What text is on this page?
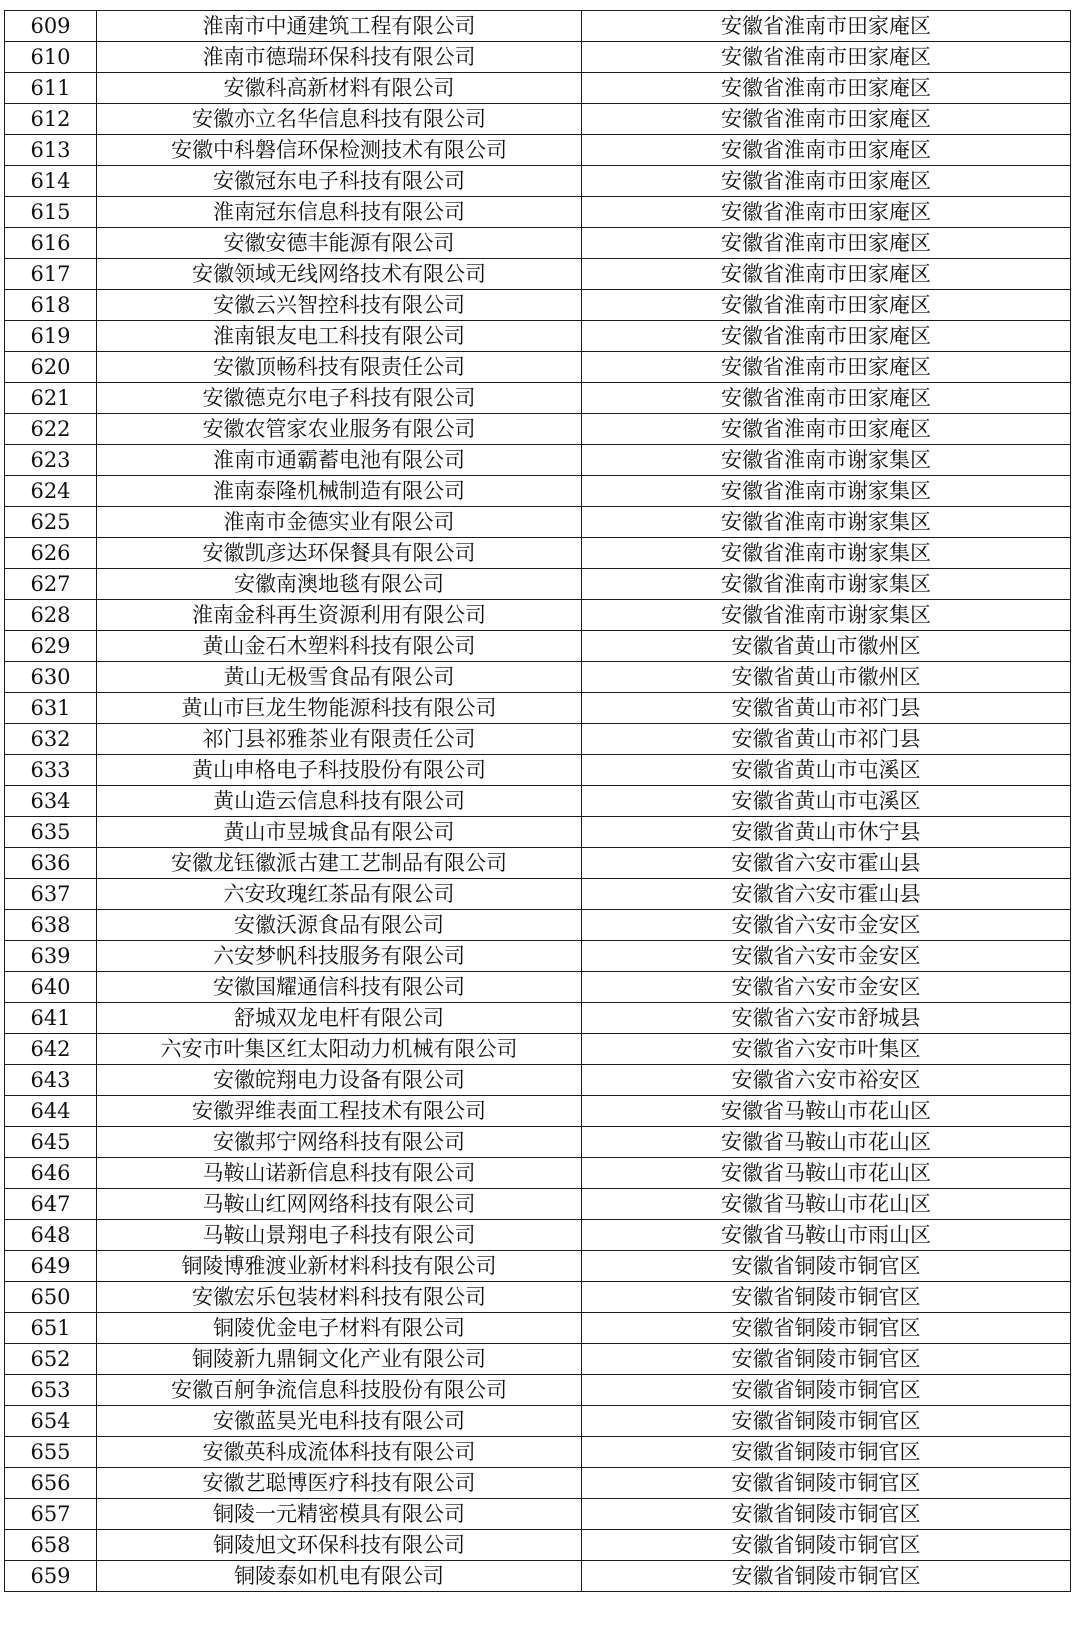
609	淮南市中通建筑工程有限公司	安徽省淮南市田家庵区
610	淮南市德瑞环保科技有限公司	安徽省淮南市田家庵区
611	安徽科高新材料有限公司	安徽省淮南市田家庵区
612	安徽亦立名华信息科技有限公司	安徽省淮南市田家庵区
613	安徽中科磐信环保检测技术有限公司	安徽省淮南市田家庵区
614	安徽冠东电子科技有限公司	安徽省淮南市田家庵区
615	淮南冠东信息科技有限公司	安徽省淮南市田家庵区
616	安徽安德丰能源有限公司	安徽省淮南市田家庵区
617	安徽领域无线网络技术有限公司	安徽省淮南市田家庵区
618	安徽云兴智控科技有限公司	安徽省淮南市田家庵区
619	淮南银友电工科技有限公司	安徽省淮南市田家庵区
620	安徽顶畅科技有限责任公司	安徽省淮南市田家庵区
621	安徽德克尔电子科技有限公司	安徽省淮南市田家庵区
622	安徽农管家农业服务有限公司	安徽省淮南市田家庵区
623	淮南市通霸蓄电池有限公司	安徽省淮南市谢家集区
624	淮南泰隆机械制造有限公司	安徽省淮南市谢家集区
625	淮南市金德实业有限公司	安徽省淮南市谢家集区
626	安徽凯彦达环保餐具有限公司	安徽省淮南市谢家集区
627	安徽南澳地毯有限公司	安徽省淮南市谢家集区
628	淮南金科再生资源利用有限公司	安徽省淮南市谢家集区
629	黄山金石木塑料科技有限公司	安徽省黄山市徽州区
630	黄山无极雪食品有限公司	安徽省黄山市徽州区
631	黄山市巨龙生物能源科技有限公司	安徽省黄山市祁门县
632	祁门县祁雅茶业有限责任公司	安徽省黄山市祁门县
633	黄山申格电子科技股份有限公司	安徽省黄山市屯溪区
634	黄山造云信息科技有限公司	安徽省黄山市屯溪区
635	黄山市昱城食品有限公司	安徽省黄山市休宁县
636	安徽龙钰徽派古建工艺制品有限公司	安徽省六安市霍山县
637	六安玫瑰红茶品有限公司	安徽省六安市霍山县
638	安徽沃源食品有限公司	安徽省六安市金安区
639	六安梦帆科技服务有限公司	安徽省六安市金安区
640	安徽国耀通信科技有限公司	安徽省六安市金安区
641	舒城双龙电杆有限公司	安徽省六安市舒城县
642	六安市叶集区红太阳动力机械有限公司	安徽省六安市叶集区
643	安徽皖翔电力设备有限公司	安徽省六安市裕安区
644	安徽羿维表面工程技术有限公司	安徽省马鞍山市花山区
645	安徽邦宁网络科技有限公司	安徽省马鞍山市花山区
646	马鞍山诺新信息科技有限公司	安徽省马鞍山市花山区
647	马鞍山红网网络科技有限公司	安徽省马鞍山市花山区
648	马鞍山景翔电子科技有限公司	安徽省马鞍山市雨山区
649	铜陵博雅渡业新材料科技有限公司	安徽省铜陵市铜官区
650	安徽宏乐包装材料科技有限公司	安徽省铜陵市铜官区
651	铜陵优金电子材料有限公司	安徽省铜陵市铜官区
652	铜陵新九鼎铜文化产业有限公司	安徽省铜陵市铜官区
653	安徽百舸争流信息科技股份有限公司	安徽省铜陵市铜官区
654	安徽蓝昊光电科技有限公司	安徽省铜陵市铜官区
655	安徽英科成流体科技有限公司	安徽省铜陵市铜官区
656	安徽艺聪博医疗科技有限公司	安徽省铜陵市铜官区
657	铜陵一元精密模具有限公司	安徽省铜陵市铜官区
658	铜陵旭文环保科技有限公司	安徽省铜陵市铜官区
659	铜陵泰如机电有限公司	安徽省铜陵市铜官区
